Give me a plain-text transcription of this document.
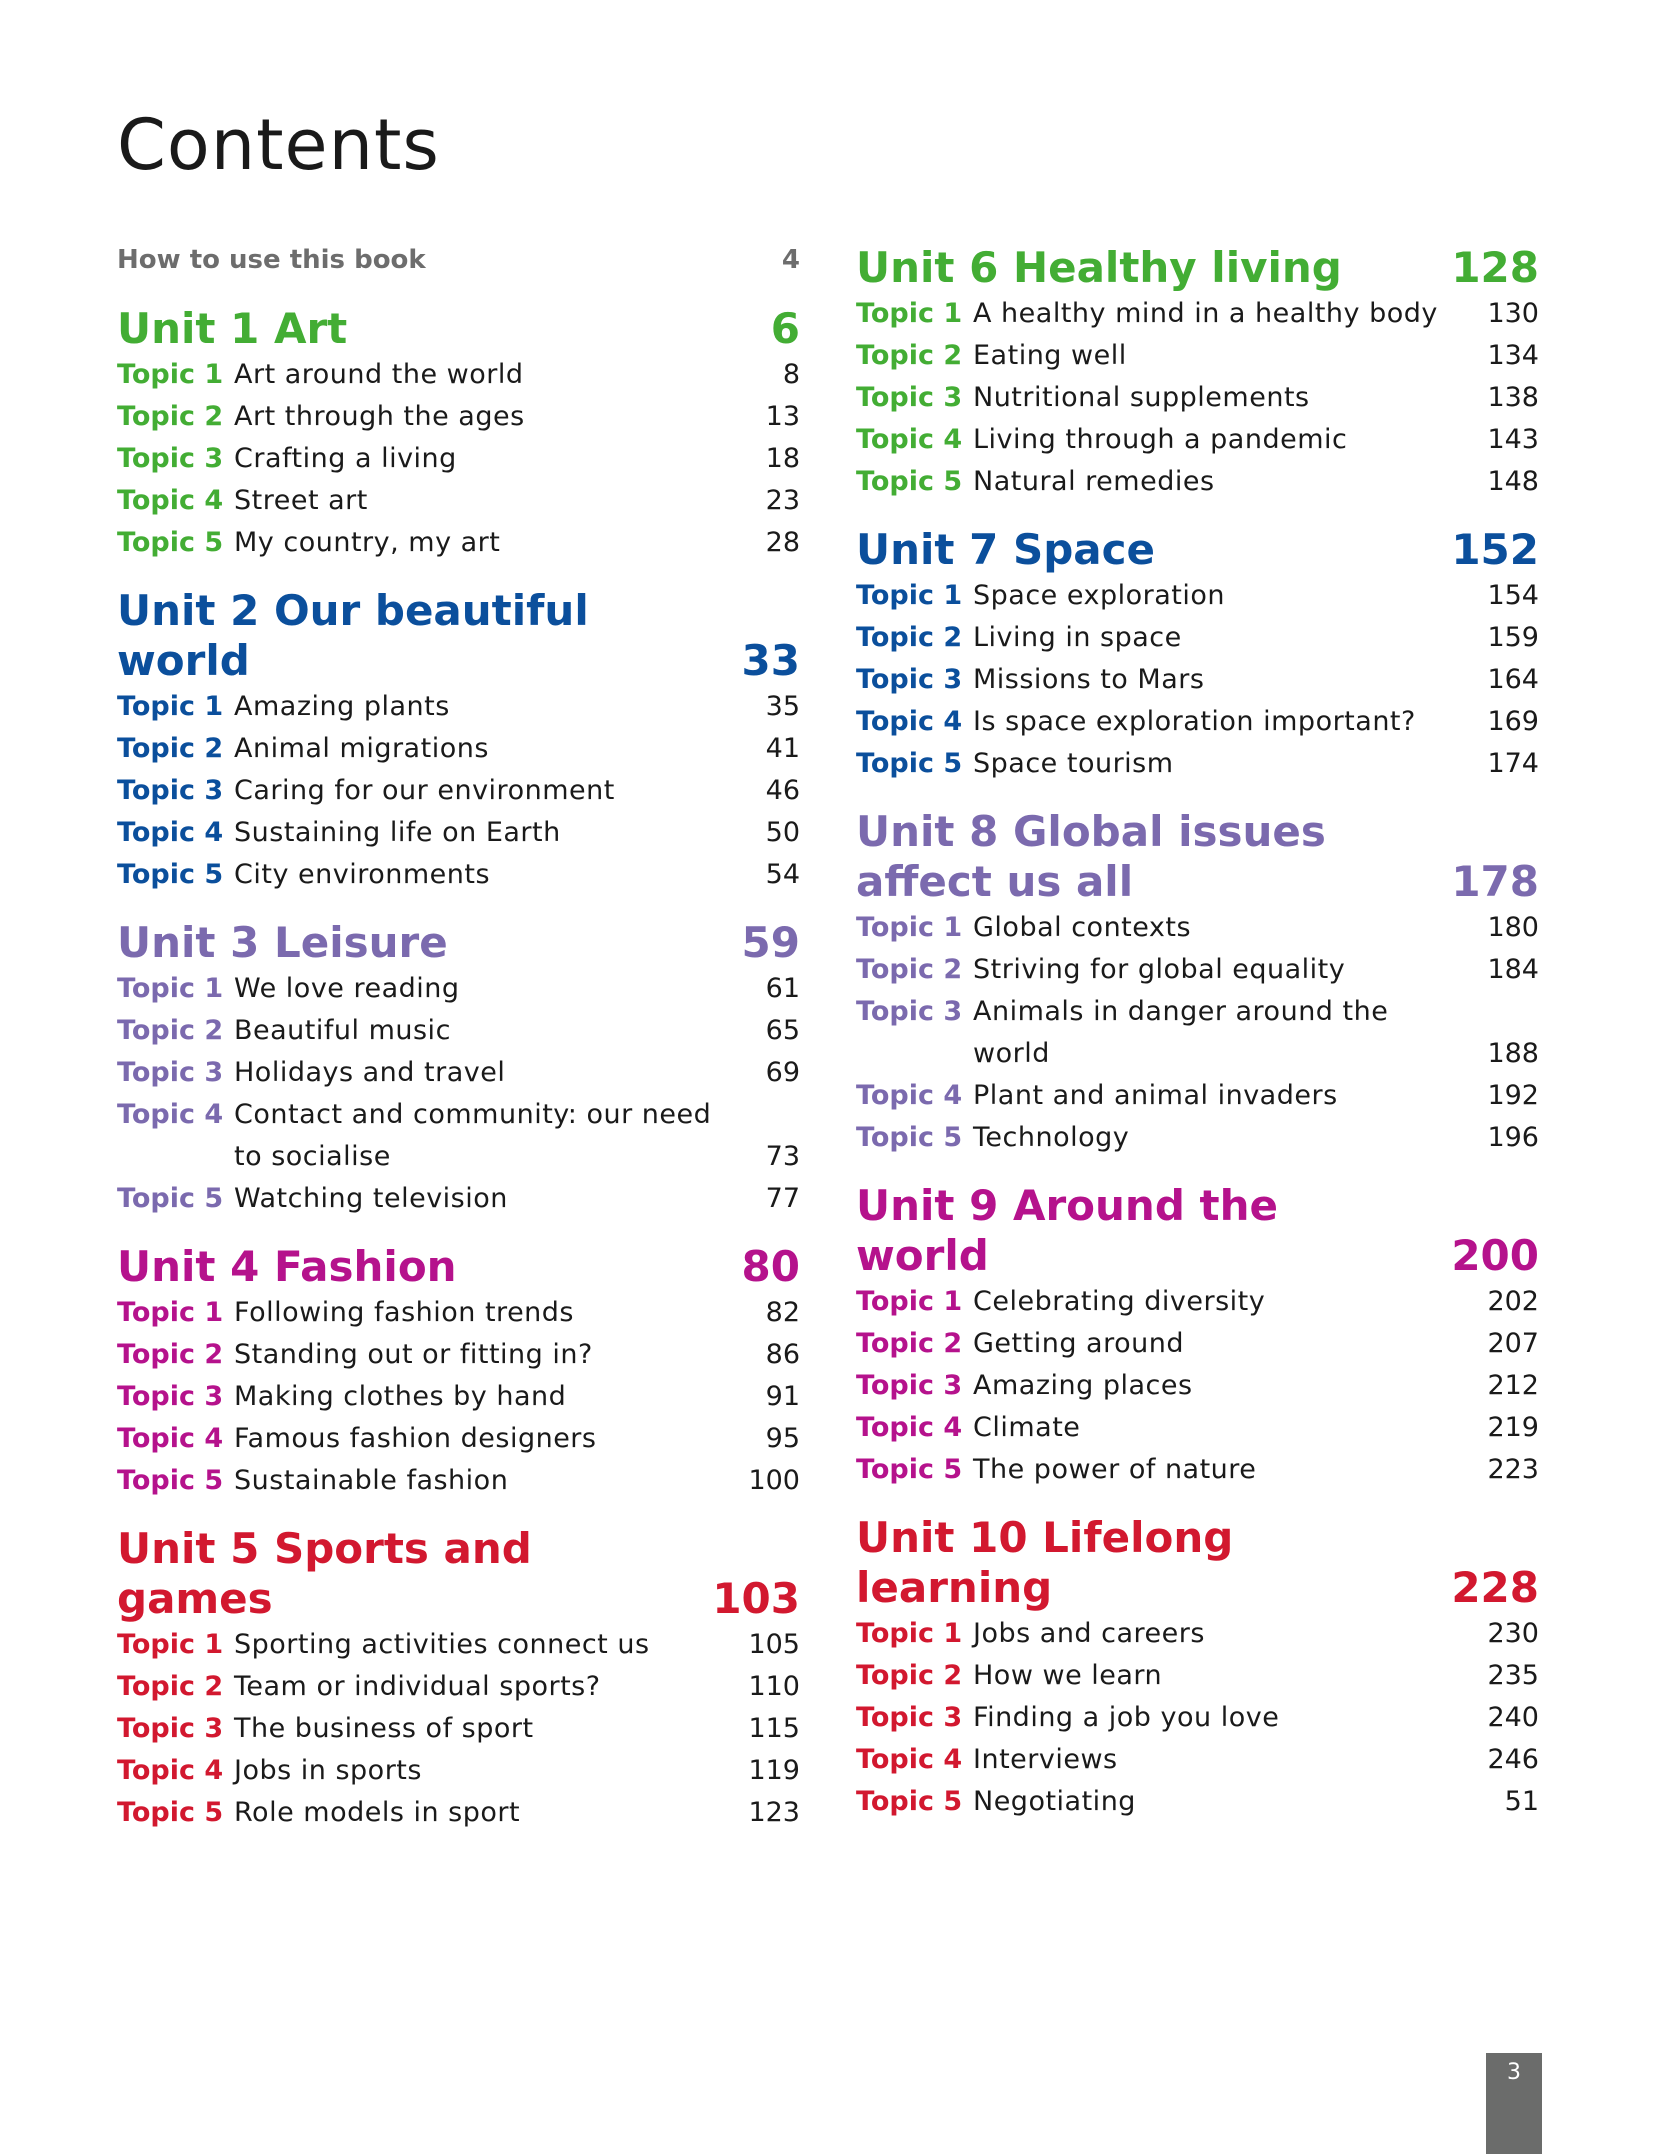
Contents
How to use this book	4
Unit 1 Art	6
Topic 1 Art around the world	8
Topic 2 Art through the ages	13
Topic 3 Crafting a living	18
Topic 4 Street art	23
Topic 5 My country, my art	28
Unit 2 Our beautiful world	33
Topic 1 Amazing plants	35
Topic 2 Animal migrations	41
Topic 3 Caring for our environment	46
Topic 4 Sustaining life on Earth	50
Topic 5 City environments	54
Unit 3 Leisure	59
Topic 1 We love reading	61
Topic 2 Beautiful music	65
Topic 3 Holidays and travel	69
Topic 4 Contact and community: our need to socialise	73
Topic 5 Watching television	77
Unit 4 Fashion	80
Topic 1 Following fashion trends	82
Topic 2 Standing out or fitting in?	86
Topic 3 Making clothes by hand	91
Topic 4 Famous fashion designers	95
Topic 5 Sustainable fashion	100
Unit 5 Sports and games	103
Topic 1 Sporting activities connect us	105
Topic 2 Team or individual sports?	110
Topic 3 The business of sport	115
Topic 4 Jobs in sports	119
Topic 5 Role models in sport	123
Unit 6 Healthy living	128
Topic 1 A healthy mind in a healthy body	130
Topic 2 Eating well	134
Topic 3 Nutritional supplements	138
Topic 4 Living through a pandemic	143
Topic 5 Natural remedies	148
Unit 7 Space	152
Topic 1 Space exploration	154
Topic 2 Living in space	159
Topic 3 Missions to Mars	164
Topic 4 Is space exploration important?	169
Topic 5 Space tourism	174
Unit 8 Global issues affect us all	178
Topic 1 Global contexts	180
Topic 2 Striving for global equality	184
Topic 3 Animals in danger around the world	188
Topic 4 Plant and animal invaders	192
Topic 5 Technology	196
Unit 9 Around the world	200
Topic 1 Celebrating diversity	202
Topic 2 Getting around	207
Topic 3 Amazing places	212
Topic 4 Climate	219
Topic 5 The power of nature	223
Unit 10 Lifelong learning	228
Topic 1 Jobs and careers	230
Topic 2 How we learn	235
Topic 3 Finding a job you love	240
Topic 4 Interviews	246
Topic 5 Negotiating	51
3
